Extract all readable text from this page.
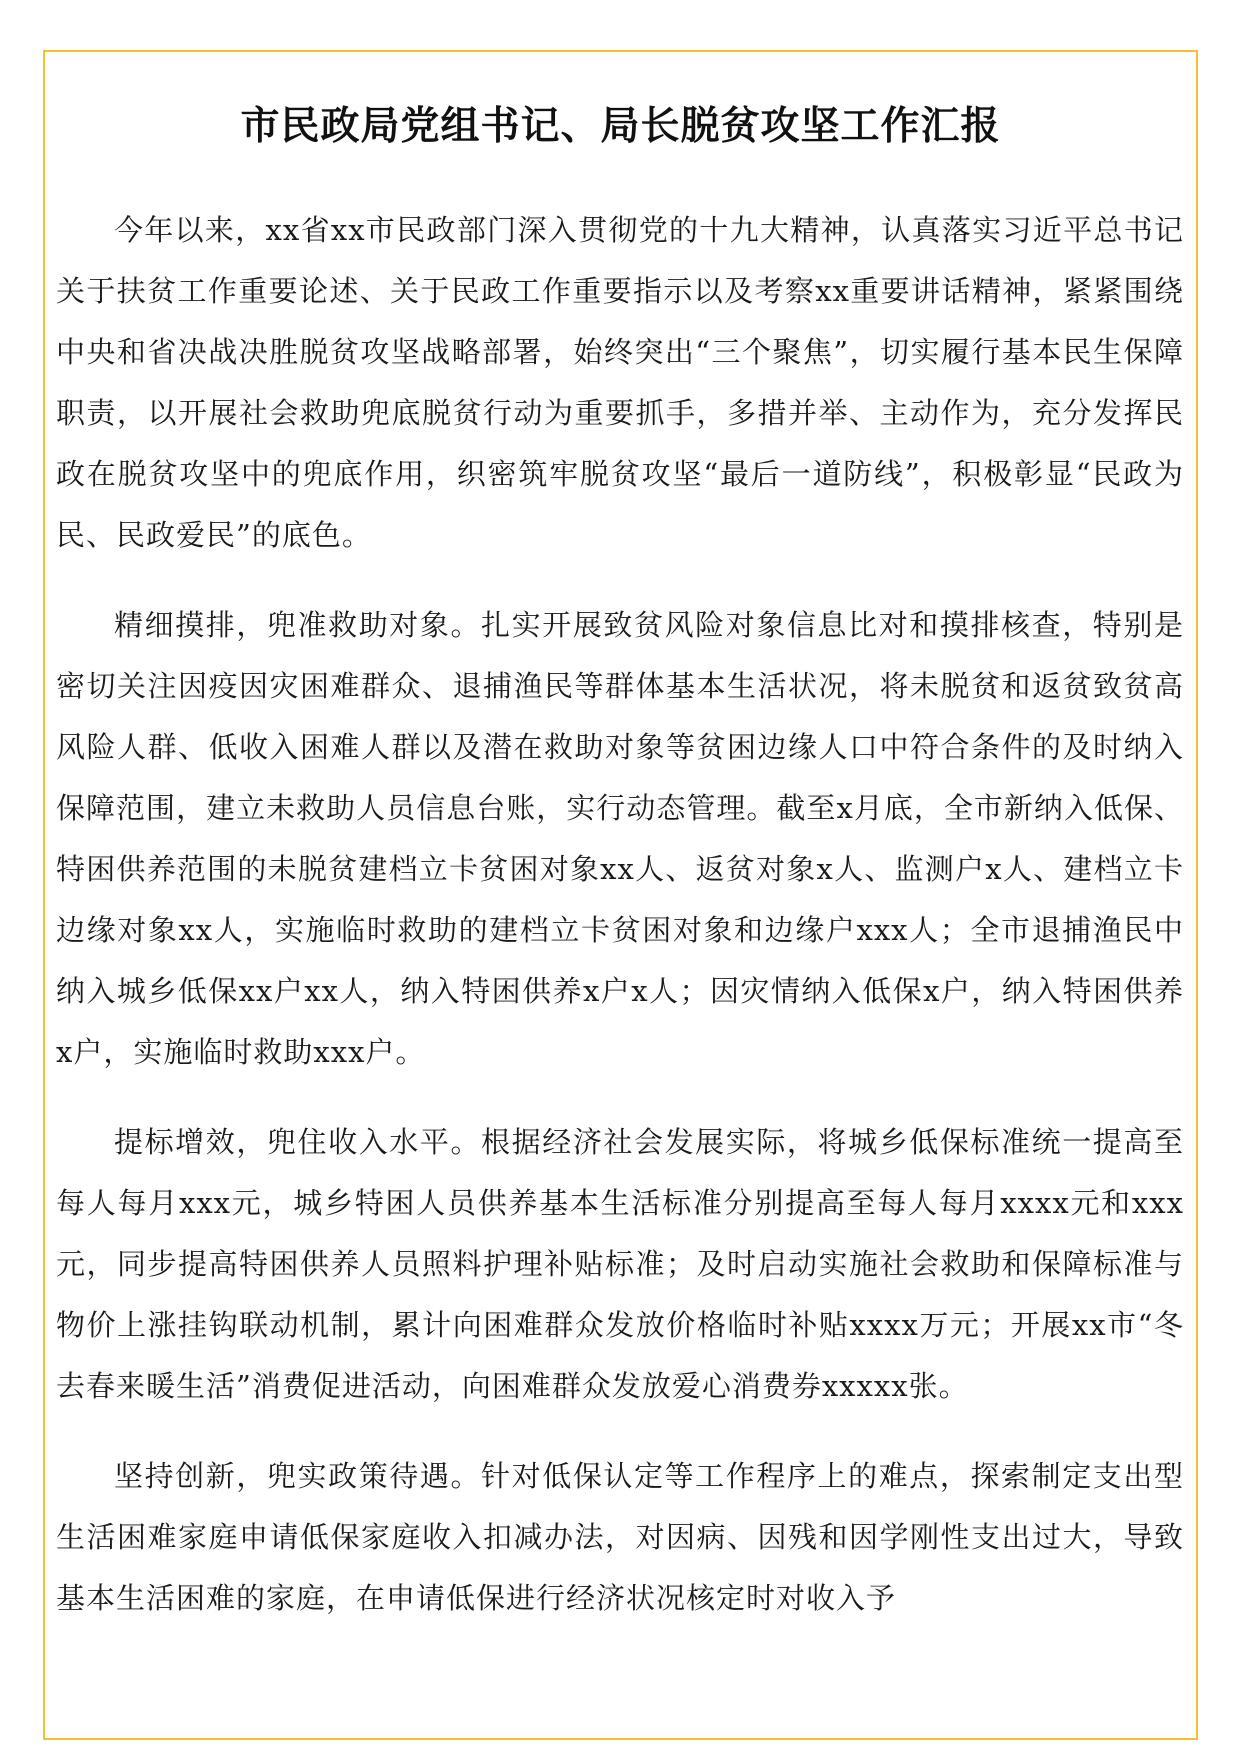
市民政局党组书记、局长脱贫攻坚工作汇报

今年以来，xx省xx市民政部门深入贯彻党的十九大精神，认真落实习近平总书记关于扶贫工作重要论述、关于民政工作重要指示以及考察xx重要讲话精神，紧紧围绕中央和省决战决胜脱贫攻坚战略部署，始终突出“三个聚焦”，切实履行基本民生保障职责，以开展社会救助兜底脱贫行动为重要抓手，多措并举、主动作为，充分发挥民政在脱贫攻坚中的兜底作用，织密筑牢脱贫攻坚“最后一道防线”，积极彰显“民政为民、民政爱民”的底色。

精细摸排，兜准救助对象。扎实开展致贫风险对象信息比对和摸排核查，特别是密切关注因疫因灾困难群众、退捕渔民等群体基本生活状况，将未脱贫和返贫致贫高风险人群、低收入困难人群以及潜在救助对象等贫困边缘人口中符合条件的及时纳入保障范围，建立未救助人员信息台账，实行动态管理。截至x月底，全市新纳入低保、特困供养范围的未脱贫建档立卡贫困对象xx人、返贫对象x人、监测户x人、建档立卡边缘对象xx人，实施临时救助的建档立卡贫困对象和边缘户xxx人；全市退捕渔民中纳入城乡低保xx户xx人，纳入特困供养x户x人；因灾情纳入低保x户，纳入特困供养x户，实施临时救助xxx户。

提标增效，兜住收入水平。根据经济社会发展实际，将城乡低保标准统一提高至每人每月xxx元，城乡特困人员供养基本生活标准分别提高至每人每月xxxx元和xxx元，同步提高特困供养人员照料护理补贴标准；及时启动实施社会救助和保障标准与物价上涨挂钩联动机制，累计向困难群众发放价格临时补贴xxxx万元；开展xx市“冬去春来暖生活”消费促进活动，向困难群众发放爱心消费券xxxxx张。

坚持创新，兜实政策待遇。针对低保认定等工作程序上的难点，探索制定支出型生活困难家庭申请低保家庭收入扣减办法，对因病、因残和因学刚性支出过大，导致基本生活困难的家庭，在申请低保进行经济状况核定时对收入予
